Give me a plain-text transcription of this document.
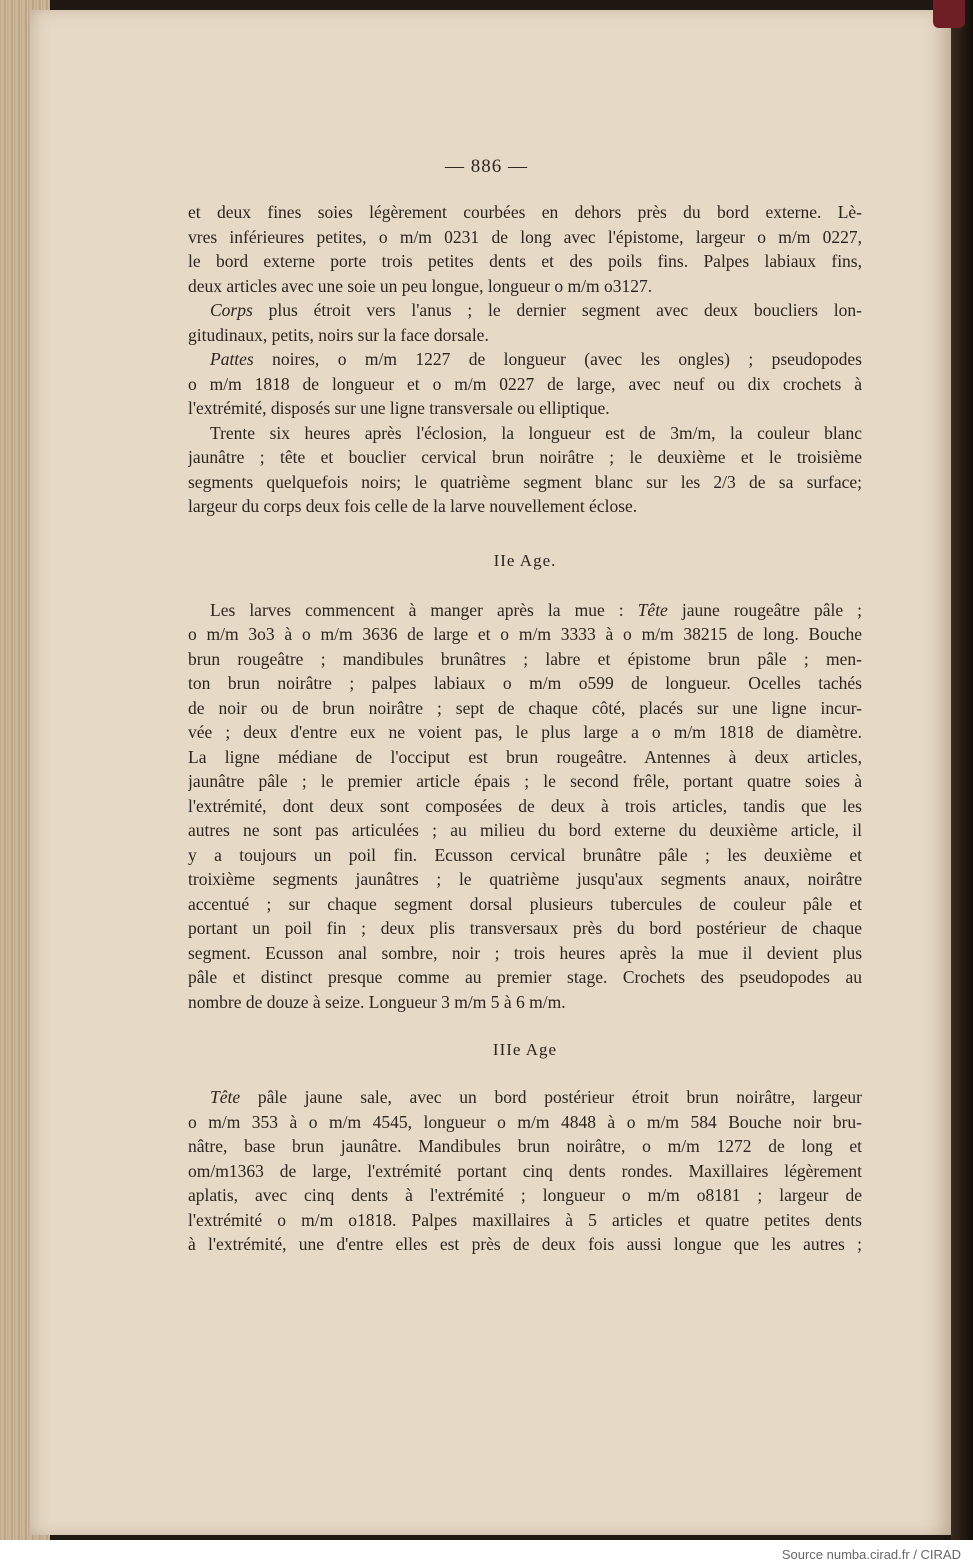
— 886 —
et deux fines soies légèrement courbées en dehors près du bord externe. Lè-
vres inférieures petites, o m/m 0231 de long avec l'épistome, largeur o m/m 0227,
le bord externe porte trois petites dents et des poils fins. Palpes labiaux fins,
deux articles avec une soie un peu longue, longueur o m/m o3127.
Corps plus étroit vers l'anus ; le dernier segment avec deux boucliers lon-
gitudinaux, petits, noirs sur la face dorsale.
Pattes noires, o m/m 1227 de longueur (avec les ongles) ; pseudopodes
o m/m 1818 de longueur et o m/m 0227 de large, avec neuf ou dix crochets à
l'extrémité, disposés sur une ligne transversale ou elliptique.
Trente six heures après l'éclosion, la longueur est de 3m/m, la couleur blanc
jaunâtre ; tête et bouclier cervical brun noirâtre ; le deuxième et le troisième
segments quelquefois noirs; le quatrième segment blanc sur les 2/3 de sa surface;
largeur du corps deux fois celle de la larve nouvellement éclose.
IIe Age.
Les larves commencent à manger après la mue : Tête jaune rougeâtre pâle ;
o m/m 3o3 à o m/m 3636 de large et o m/m 3333 à o m/m 38215 de long. Bouche
brun rougeâtre ; mandibules brunâtres ; labre et épistome brun pâle ; men-
ton brun noirâtre ; palpes labiaux o m/m o599 de longueur. Ocelles tachés
de noir ou de brun noirâtre ; sept de chaque côté, placés sur une ligne incur-
vée ; deux d'entre eux ne voient pas, le plus large a o m/m 1818 de diamètre.
La ligne médiane de l'occiput est brun rougeâtre. Antennes à deux articles,
jaunâtre pâle ; le premier article épais ; le second frêle, portant quatre soies à
l'extrémité, dont deux sont composées de deux à trois articles, tandis que les
autres ne sont pas articulées ; au milieu du bord externe du deuxième article, il
y a toujours un poil fin. Ecusson cervical brunâtre pâle ; les deuxième et
troixième segments jaunâtres ; le quatrième jusqu'aux segments anaux, noirâtre
accentué ; sur chaque segment dorsal plusieurs tubercules de couleur pâle et
portant un poil fin ; deux plis transversaux près du bord postérieur de chaque
segment. Ecusson anal sombre, noir ; trois heures après la mue il devient plus
pâle et distinct presque comme au premier stage. Crochets des pseudopodes au
nombre de douze à seize. Longueur 3 m/m 5 à 6 m/m.
IIIe Age
Tête pâle jaune sale, avec un bord postérieur étroit brun noirâtre, largeur
o m/m 353 à o m/m 4545, longueur o m/m 4848 à o m/m 584 Bouche noir bru-
nâtre, base brun jaunâtre. Mandibules brun noirâtre, o m/m 1272 de long et
om/m1363 de large, l'extrémité portant cinq dents rondes. Maxillaires légèrement
aplatis, avec cinq dents à l'extrémité ; longueur o m/m o8181 ; largeur de
l'extrémité o m/m o1818. Palpes maxillaires à 5 articles et quatre petites dents
à l'extrémité, une d'entre elles est près de deux fois aussi longue que les autres ;
Source numba.cirad.fr / CIRAD
